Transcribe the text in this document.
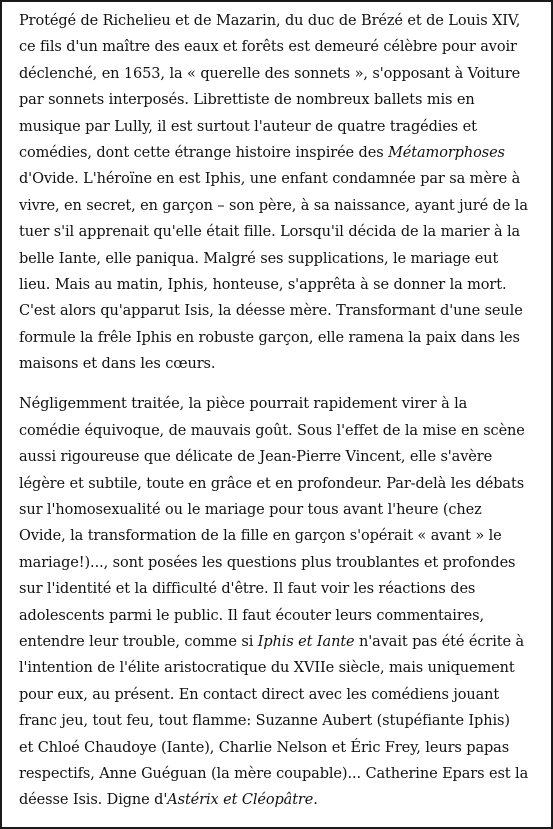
Protégé de Richelieu et de Mazarin, du duc de Brézé et de Louis XIV,
ce fils d'un maître des eaux et forêts est demeuré célèbre pour avoir
déclenché, en 1653, la « querelle des sonnets », s'opposant à Voiture
par sonnets interposés. Librettiste de nombreux ballets mis en
musique par Lully, il est surtout l'auteur de quatre tragédies et
comédies, dont cette étrange histoire inspirée des Métamorphoses
d'Ovide. L'héroïne en est Iphis, une enfant condamnée par sa mère à
vivre, en secret, en garçon – son père, à sa naissance, ayant juré de la
tuer s'il apprenait qu'elle était fille. Lorsqu'il décida de la marier à la
belle Iante, elle paniqua. Malgré ses supplications, le mariage eut
lieu. Mais au matin, Iphis, honteuse, s'apprêta à se donner la mort.
C'est alors qu'apparut Isis, la déesse mère. Transformant d'une seule
formule la frêle Iphis en robuste garçon, elle ramena la paix dans les
maisons et dans les cœurs.

Négligemment traitée, la pièce pourrait rapidement virer à la
comédie équivoque, de mauvais goût. Sous l'effet de la mise en scène
aussi rigoureuse que délicate de Jean-Pierre Vincent, elle s'avère
légère et subtile, toute en grâce et en profondeur. Par-delà les débats
sur l'homosexualité ou le mariage pour tous avant l'heure (chez
Ovide, la transformation de la fille en garçon s'opérait « avant » le
mariage!)..., sont posées les questions plus troublantes et profondes
sur l'identité et la difficulté d'être. Il faut voir les réactions des
adolescents parmi le public. Il faut écouter leurs commentaires,
entendre leur trouble, comme si Iphis et Iante n'avait pas été écrite à
l'intention de l'élite aristocratique du XVIIe siècle, mais uniquement
pour eux, au présent. En contact direct avec les comédiens jouant
franc jeu, tout feu, tout flamme: Suzanne Aubert (stupéfiante Iphis)
et Chloé Chaudoye (Iante), Charlie Nelson et Éric Frey, leurs papas
respectifs, Anne Guéguan (la mère coupable)... Catherine Epars est la
déesse Isis. Digne d'Astérix et Cléopâtre.
